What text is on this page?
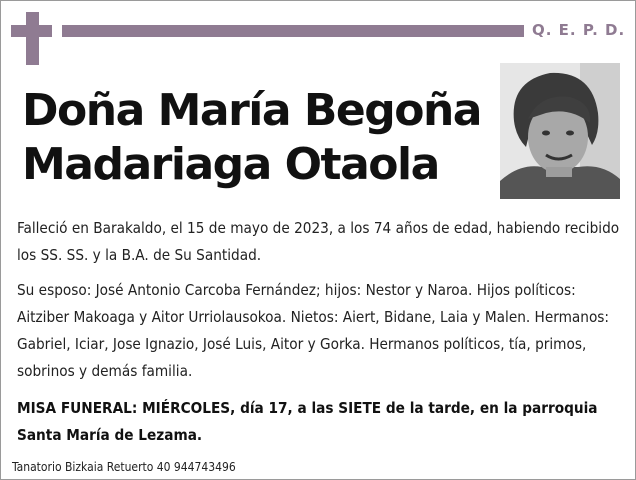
Q. E. P. D.
Doña María Begoña
Madariaga Otaola
Falleció en Barakaldo, el 15 de mayo de 2023, a los 74 años de edad, habiendo recibido los SS. SS. y la B.A. de Su Santidad.
Su esposo: José Antonio Carcoba Fernández; hijos: Nestor y Naroa. Hijos políticos: Aitziber Makoaga y Aitor Urriolausokoa. Nietos: Aiert, Bidane, Laia y Malen. Hermanos: Gabriel, Iciar, Jose Ignazio, José Luis, Aitor y Gorka. Hermanos políticos, tía, primos, sobrinos y demás familia.
MISA FUNERAL: MIÉRCOLES, día 17, a las SIETE de la tarde, en la parroquia Santa María de Lezama.
Tanatorio Bizkaia Retuerto 40 944743496
